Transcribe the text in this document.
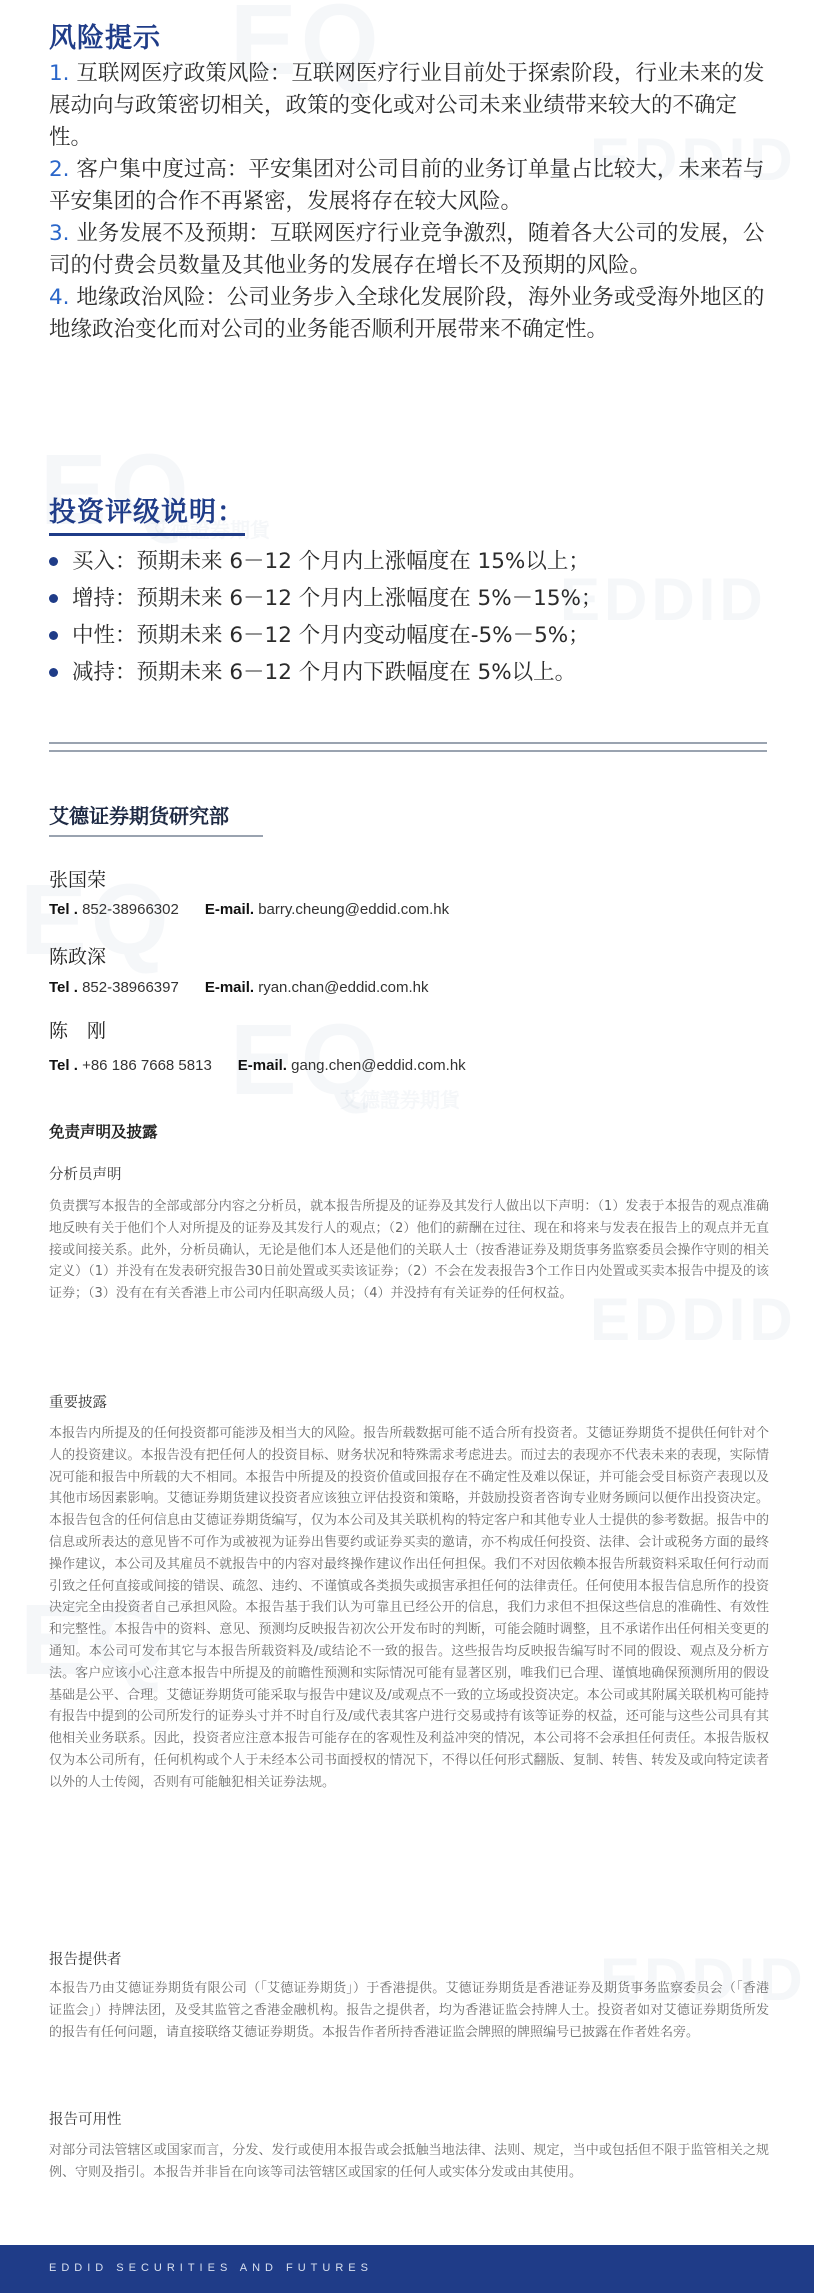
风险提示

1. 互联网医疗政策风险：互联网医疗行业目前处于探索阶段，行业未来的发展动向与政策密切相关，政策的变化或对公司未来业绩带来较大的不确定性。

2. 客户集中度过高：平安集团对公司目前的业务订单量占比较大，未来若与平安集团的合作不再紧密，发展将存在较大风险。

3. 业务发展不及预期：互联网医疗行业竞争激烈，随着各大公司的发展，公司的付费会员数量及其他业务的发展存在增长不及预期的风险。

4. 地缘政治风险：公司业务步入全球化发展阶段，海外业务或受海外地区的地缘政治变化而对公司的业务能否顺利开展带来不确定性。

投资评级说明：
买入：预期未来 6－12 个月内上涨幅度在 15%以上；
增持：预期未来 6－12 个月内上涨幅度在 5%－15%；
中性：预期未来 6－12 个月内变动幅度在-5%－5%；
减持：预期未来 6－12 个月内下跌幅度在 5%以上。
艾德证券期货研究部
张国荣
Tel . 852-38966302 E-mail. barry.cheung@eddid.com.hk
陈政深
Tel . 852-38966397 E-mail. ryan.chan@eddid.com.hk
陈　刚
Tel . +86 186 7668 5813 E-mail. gang.chen@eddid.com.hk
免责声明及披露
分析员声明

负责撰写本报告的全部或部分内容之分析员，就本报告所提及的证券及其发行人做出以下声明：（1）发表于本报告的观点准确地反映有关于他们个人对所提及的证券及其发行人的观点；（2）他们的薪酬在过往、现在和将来与发表在报告上的观点并无直接或间接关系。此外，分析员确认，无论是他们本人还是他们的关联人士（按香港证券及期货事务监察委员会操作守则的相关定义）（1）并没有在发表研究报告30日前处置或买卖该证券；（2）不会在发表报告3个工作日内处置或买卖本报告中提及的该证券；（3）没有在有关香港上市公司内任职高级人员；（4）并没持有有关证券的任何权益。

重要披露

本报告内所提及的任何投资都可能涉及相当大的风险。报告所载数据可能不适合所有投资者。艾德证券期货不提供任何针对个人的投资建议。本报告没有把任何人的投资目标、财务状况和特殊需求考虑进去。而过去的表现亦不代表未来的表现，实际情况可能和报告中所载的大不相同。本报告中所提及的投资价值或回报存在不确定性及难以保证，并可能会受目标资产表现以及其他市场因素影响。艾德证券期货建议投资者应该独立评估投资和策略，并鼓励投资者咨询专业财务顾问以便作出投资决定。本报告包含的任何信息由艾德证券期货编写，仅为本公司及其关联机构的特定客户和其他专业人士提供的参考数据。报告中的信息或所表达的意见皆不可作为或被视为证券出售要约或证券买卖的邀请，亦不构成任何投资、法律、会计或税务方面的最终操作建议，本公司及其雇员不就报告中的内容对最终操作建议作出任何担保。我们不对因依赖本报告所载资料采取任何行动而引致之任何直接或间接的错误、疏忽、违约、不谨慎或各类损失或损害承担任何的法律责任。任何使用本报告信息所作的投资决定完全由投资者自己承担风险。本报告基于我们认为可靠且已经公开的信息，我们力求但不担保这些信息的准确性、有效性和完整性。本报告中的资料、意见、预测均反映报告初次公开发布时的判断，可能会随时调整，且不承诺作出任何相关变更的通知。本公司可发布其它与本报告所载资料及/或结论不一致的报告。这些报告均反映报告编写时不同的假设、观点及分析方法。客户应该小心注意本报告中所提及的前瞻性预测和实际情况可能有显著区别，唯我们已合理、谨慎地确保预测所用的假设基础是公平、合理。艾德证券期货可能采取与报告中建议及/或观点不一致的立场或投资决定。本公司或其附属关联机构可能持有报告中提到的公司所发行的证券头寸并不时自行及/或代表其客户进行交易或持有该等证券的权益，还可能与这些公司具有其他相关业务联系。因此，投资者应注意本报告可能存在的客观性及利益冲突的情况，本公司将不会承担任何责任。本报告版权仅为本公司所有，任何机构或个人于未经本公司书面授权的情况下，不得以任何形式翻版、复制、转售、转发及或向特定读者以外的人士传阅，否则有可能触犯相关证券法规。

报告提供者

本报告乃由艾德证券期货有限公司（「艾德证券期货」）于香港提供。艾德证券期货是香港证券及期货事务监察委员会（「香港证监会」）持牌法团，及受其监管之香港金融机构。报告之提供者，均为香港证监会持牌人士。投资者如对艾德证券期货所发的报告有任何问题，请直接联络艾德证券期货。本报告作者所持香港证监会牌照的牌照编号已披露在作者姓名旁。

报告可用性

对部分司法管辖区或国家而言，分发、发行或使用本报告或会抵触当地法律、法则、规定，当中或包括但不限于监管相关之规例、守则及指引。本报告并非旨在向该等司法管辖区或国家的任何人或实体分发或由其使用。

EDDID SECURITIES AND FUTURES
